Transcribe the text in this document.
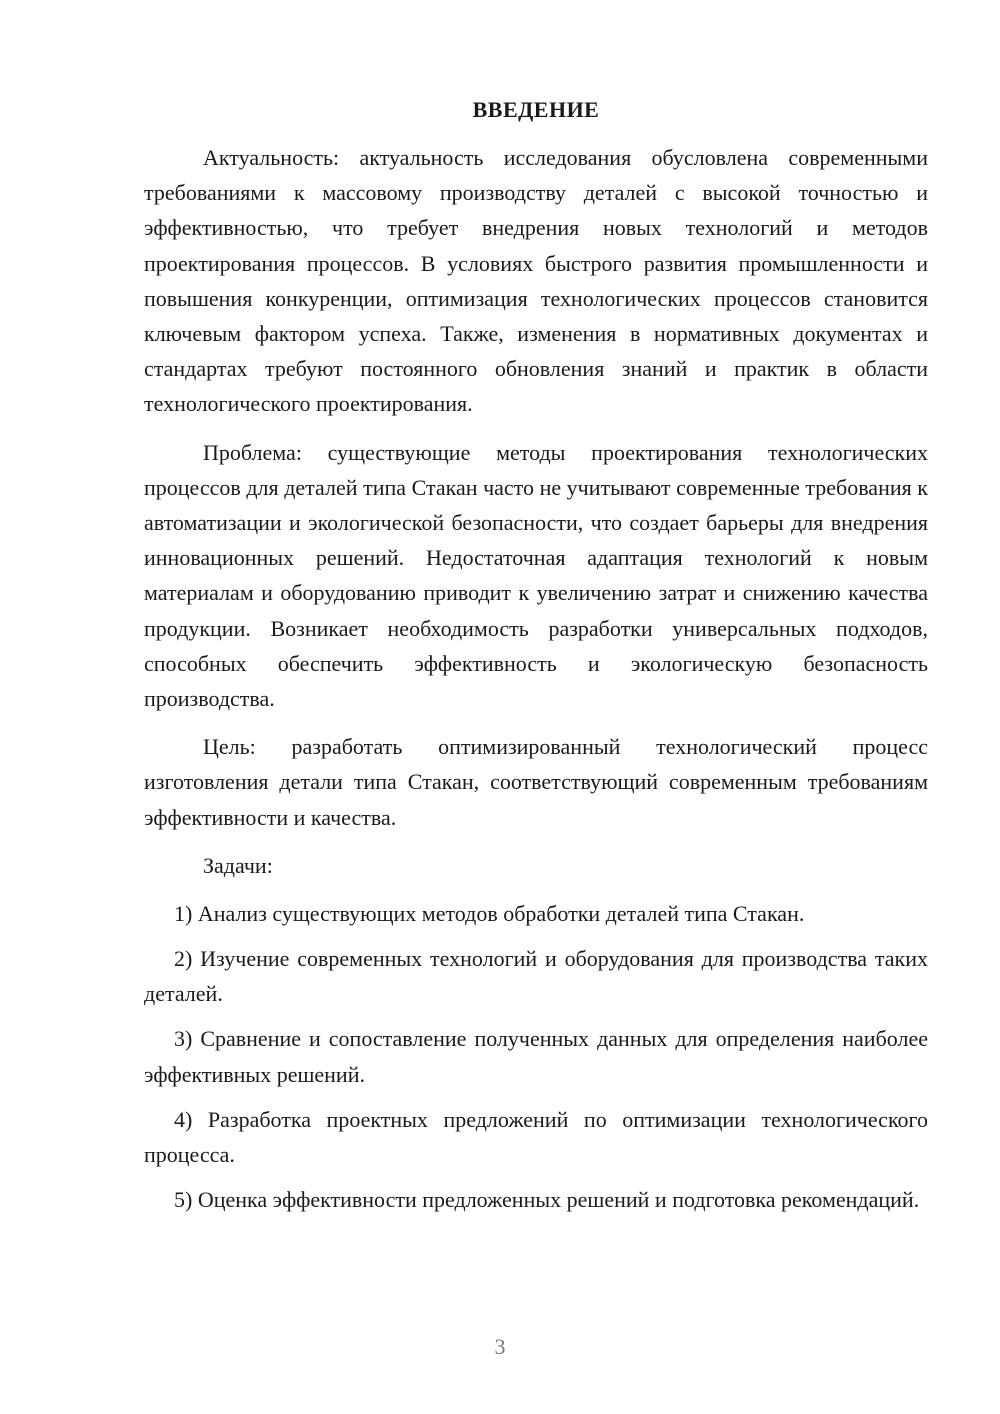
ВВЕДЕНИЕ

Актуальность: актуальность исследования обусловлена современными требованиями к массовому производству деталей с высокой точностью и эффективностью, что требует внедрения новых технологий и методов проектирования процессов. В условиях быстрого развития промышленности и повышения конкуренции, оптимизация технологических процессов становится ключевым фактором успеха. Также, изменения в нормативных документах и стандартах требуют постоянного обновления знаний и практик в области технологического проектирования.

Проблема: существующие методы проектирования технологических процессов для деталей типа Стакан часто не учитывают современные требования к автоматизации и экологической безопасности, что создает барьеры для внедрения инновационных решений. Недостаточная адаптация технологий к новым материалам и оборудованию приводит к увеличению затрат и снижению качества продукции. Возникает необходимость разработки универсальных подходов, способных обеспечить эффективность и экологическую безопасность производства.

Цель: разработать оптимизированный технологический процесс изготовления детали типа Стакан, соответствующий современным требованиям эффективности и качества.

Задачи:

1) Анализ существующих методов обработки деталей типа Стакан.

2) Изучение современных технологий и оборудования для производства таких деталей.

3) Сравнение и сопоставление полученных данных для определения наиболее эффективных решений.

4) Разработка проектных предложений по оптимизации технологического процесса.

5) Оценка эффективности предложенных решений и подготовка рекомендаций.

3
